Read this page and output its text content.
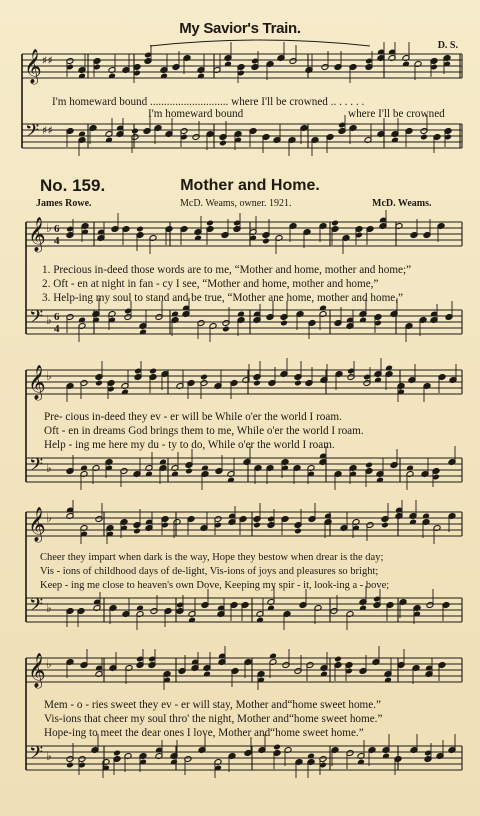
My Savior's Train.
D. S.
𝄞
𝄢
♯♯
♯♯
I'm homeward bound ............................ where I'll be crowned .. . . . . .
I'm homeward bound	where I'll be crowned
No. 159.	Mother and Home.
James Rowe.	McD. Weams, owner. 1921.	McD. Weams.
1. Precious in-deed those words are to me, “Mother and home, mother and home;”
2. Oft - en at night in fan - cy I see, “Mother and home, mother and home,”
3. Help-ing my soul to stand and be true, “Mother ane home, mother and home,”
Pre- cious in-deed they ev - er will be While o'er the world I roam.
Oft - en in dreams God brings them to me, While o'er the world I roam.
Help - ing me here my du - ty to do, While o'er the world I roam.
Cheer they impart when dark is the way, Hope they bestow when drear is the day;
Vis - ions of childhood days of de-light, Vis-ions of joys and pleasures so bright;
Keep - ing me close to heaven's own Dove, Keeping my spir - it, look-ing a - bove;
Mem - o - ries sweet they ev - er will stay, Mother and“home sweet home.”
Vis-ions that cheer my soul thro' the night, Mother and“home sweet home.”
Hope-ing to meet the dear ones I love, Mother and“home sweet home.”
𝄞
𝄢
♭
♭
6
4
6
4
𝄞
𝄢
♭
♭
𝄞
𝄢
♭
♭
𝄞
𝄢
♭
♭
